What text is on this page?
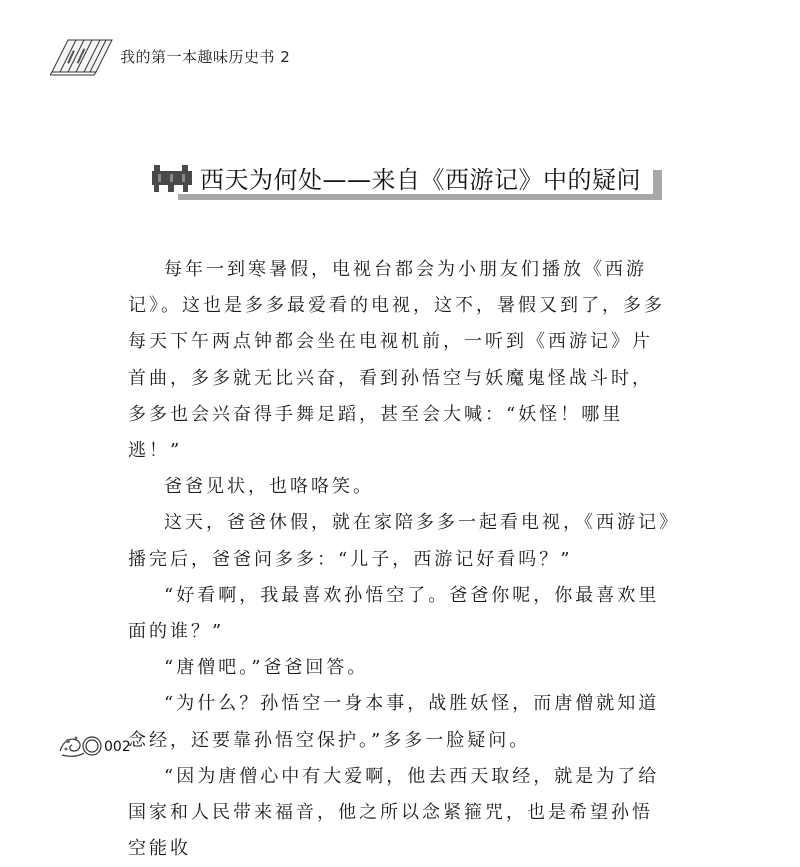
我的第一本趣味历史书 2
西天为何处——来自《西游记》中的疑问

每年一到寒暑假，电视台都会为小朋友们播放《西游记》。这也是多多最爱看的电视，这不，暑假又到了，多多每天下午两点钟都会坐在电视机前，一听到《西游记》片首曲，多多就无比兴奋，看到孙悟空与妖魔鬼怪战斗时，多多也会兴奋得手舞足蹈，甚至会大喊：“妖怪！哪里逃！”

爸爸见状，也咯咯笑。

这天，爸爸休假，就在家陪多多一起看电视，《西游记》播完后，爸爸问多多：“儿子，西游记好看吗？”

“好看啊，我最喜欢孙悟空了。爸爸你呢，你最喜欢里面的谁？”

“唐僧吧。”爸爸回答。

“为什么？孙悟空一身本事，战胜妖怪，而唐僧就知道念经，还要靠孙悟空保护。”多多一脸疑问。

“因为唐僧心中有大爱啊，他去西天取经，就是为了给国家和人民带来福音，他之所以念紧箍咒，也是希望孙悟空能收

002
